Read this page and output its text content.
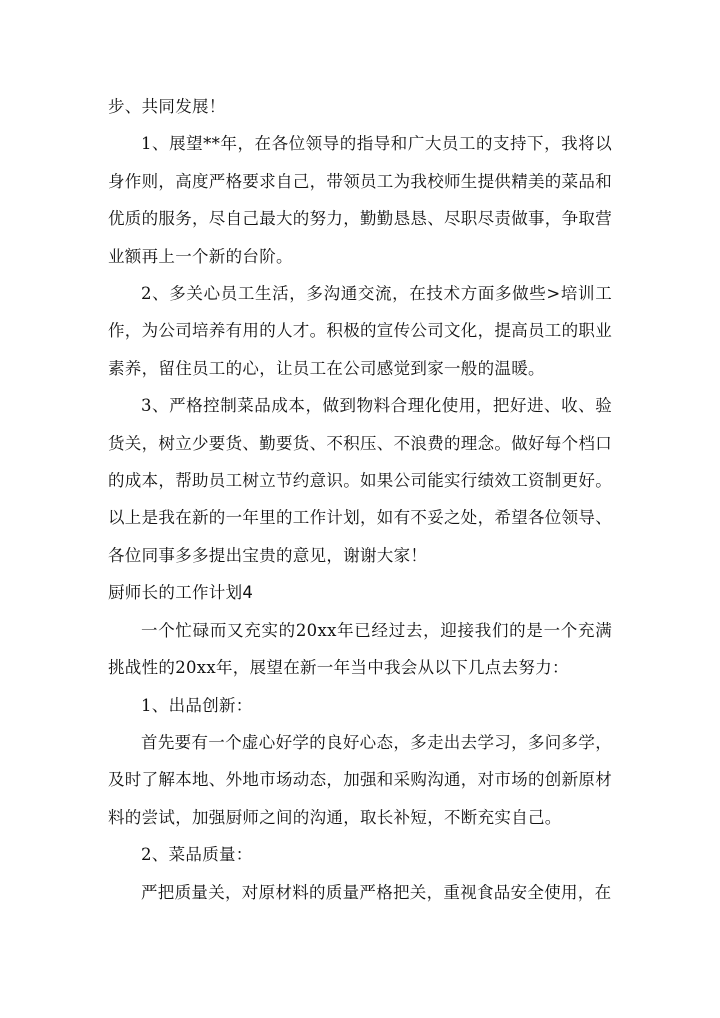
步、共同发展！

1、展望**年，在各位领导的指导和广大员工的支持下，我将以身作则，高度严格要求自己，带领员工为我校师生提供精美的菜品和优质的服务，尽自己最大的努力，勤勤恳恳、尽职尽责做事，争取营业额再上一个新的台阶。

2、多关心员工生活，多沟通交流，在技术方面多做些>培训工作，为公司培养有用的人才。积极的宣传公司文化，提高员工的职业素养，留住员工的心，让员工在公司感觉到家一般的温暖。

3、严格控制菜品成本，做到物料合理化使用，把好进、收、验货关，树立少要货、勤要货、不积压、不浪费的理念。做好每个档口的成本，帮助员工树立节约意识。如果公司能实行绩效工资制更好。以上是我在新的一年里的工作计划，如有不妥之处，希望各位领导、各位同事多多提出宝贵的意见，谢谢大家！

厨师长的工作计划4

一个忙碌而又充实的20xx年已经过去，迎接我们的是一个充满挑战性的20xx年，展望在新一年当中我会从以下几点去努力：

1、出品创新：

首先要有一个虚心好学的良好心态，多走出去学习，多问多学，及时了解本地、外地市场动态，加强和采购沟通，对市场的创新原材料的尝试，加强厨师之间的沟通，取长补短，不断充实自己。

2、菜品质量：

严把质量关，对原材料的质量严格把关，重视食品安全使用，在
